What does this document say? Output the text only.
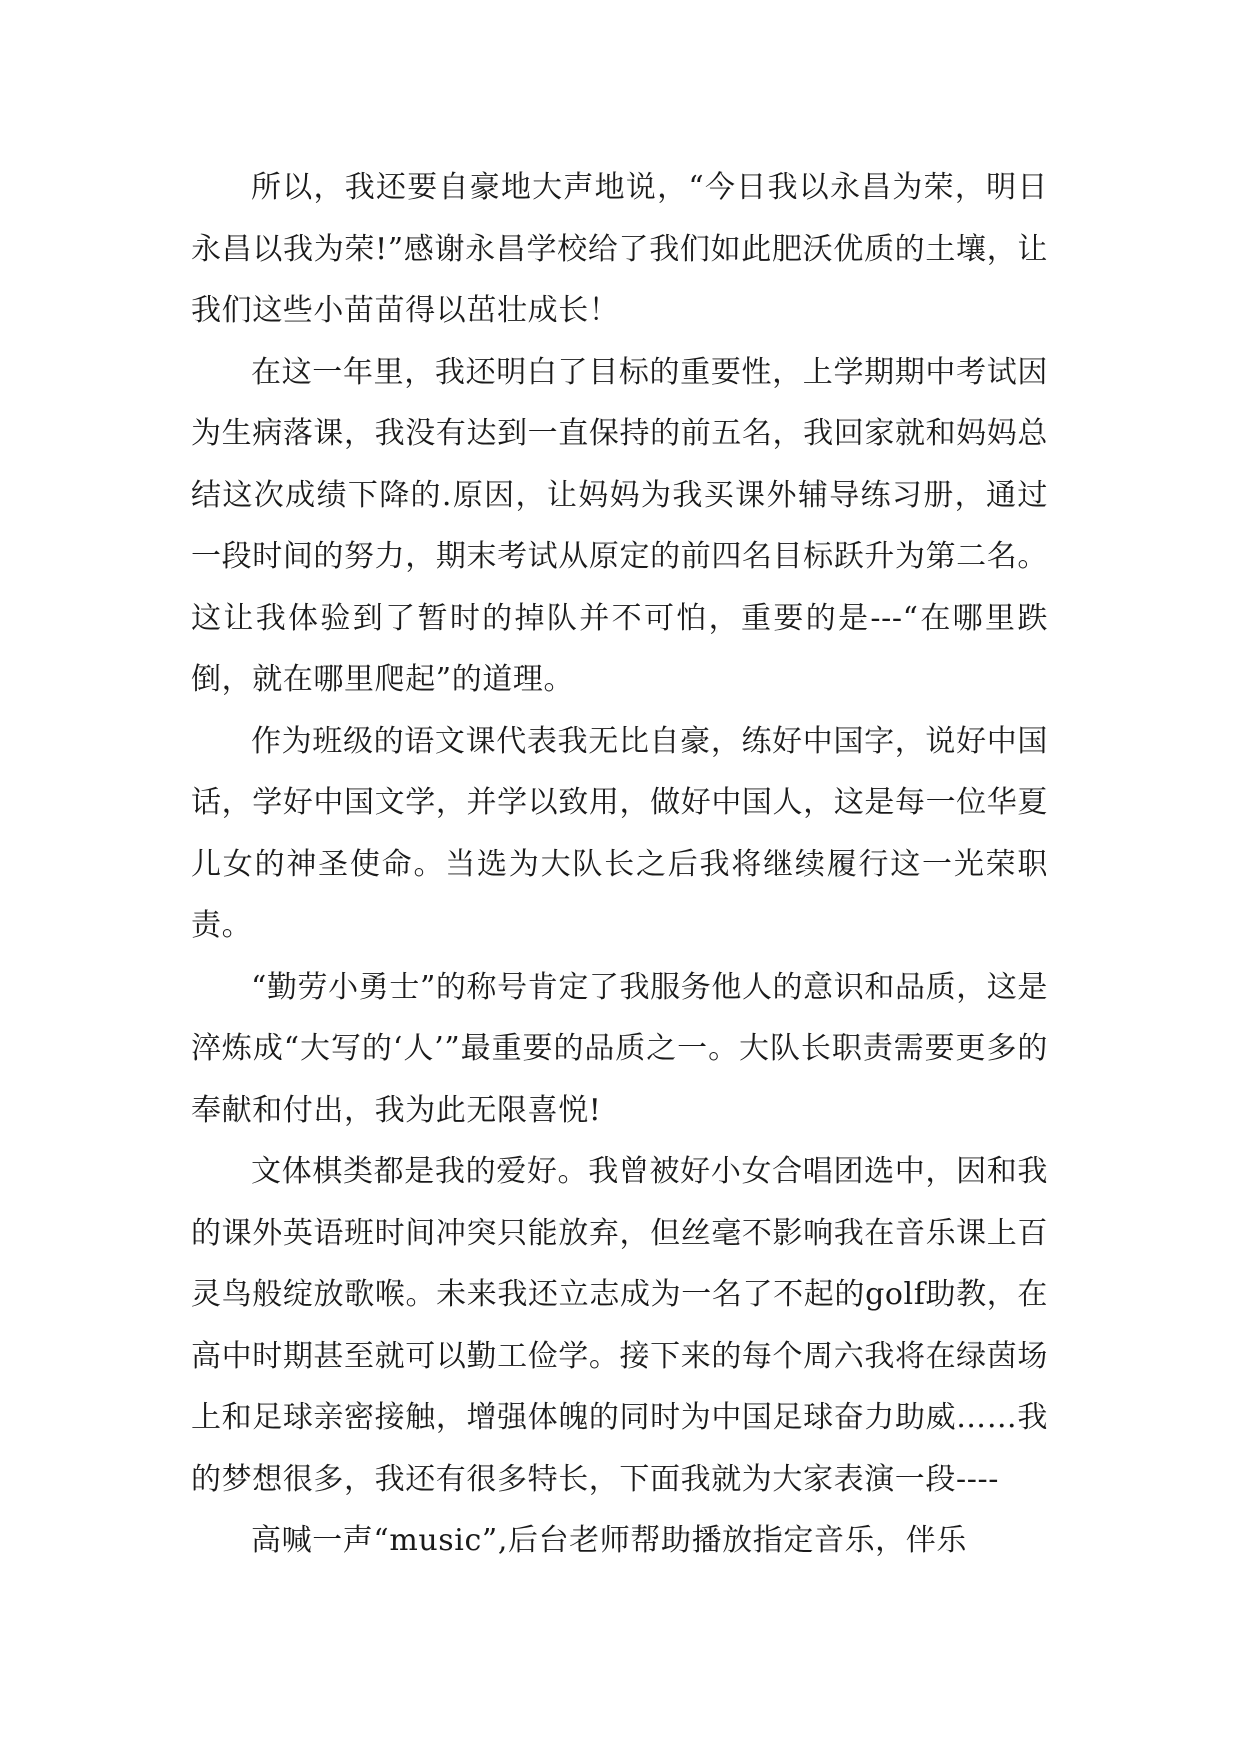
所以，我还要自豪地大声地说，“今日我以永昌为荣，明日永昌以我为荣!”感谢永昌学校给了我们如此肥沃优质的土壤，让我们这些小苗苗得以茁壮成长！

在这一年里，我还明白了目标的重要性，上学期期中考试因为生病落课，我没有达到一直保持的前五名，我回家就和妈妈总结这次成绩下降的.原因，让妈妈为我买课外辅导练习册，通过一段时间的努力，期末考试从原定的前四名目标跃升为第二名。这让我体验到了暂时的掉队并不可怕，重要的是---“在哪里跌倒，就在哪里爬起”的道理。

作为班级的语文课代表我无比自豪，练好中国字，说好中国话，学好中国文学，并学以致用，做好中国人，这是每一位华夏儿女的神圣使命。当选为大队长之后我将继续履行这一光荣职责。

“勤劳小勇士”的称号肯定了我服务他人的意识和品质，这是淬炼成“大写的‘人’”最重要的品质之一。大队长职责需要更多的奉献和付出，我为此无限喜悦!

文体棋类都是我的爱好。我曾被好小女合唱团选中，因和我的课外英语班时间冲突只能放弃，但丝毫不影响我在音乐课上百灵鸟般绽放歌喉。未来我还立志成为一名了不起的golf助教，在高中时期甚至就可以勤工俭学。接下来的每个周六我将在绿茵场上和足球亲密接触，增强体魄的同时为中国足球奋力助威……我的梦想很多，我还有很多特长，下面我就为大家表演一段----

高喊一声“music”,后台老师帮助播放指定音乐，伴乐
